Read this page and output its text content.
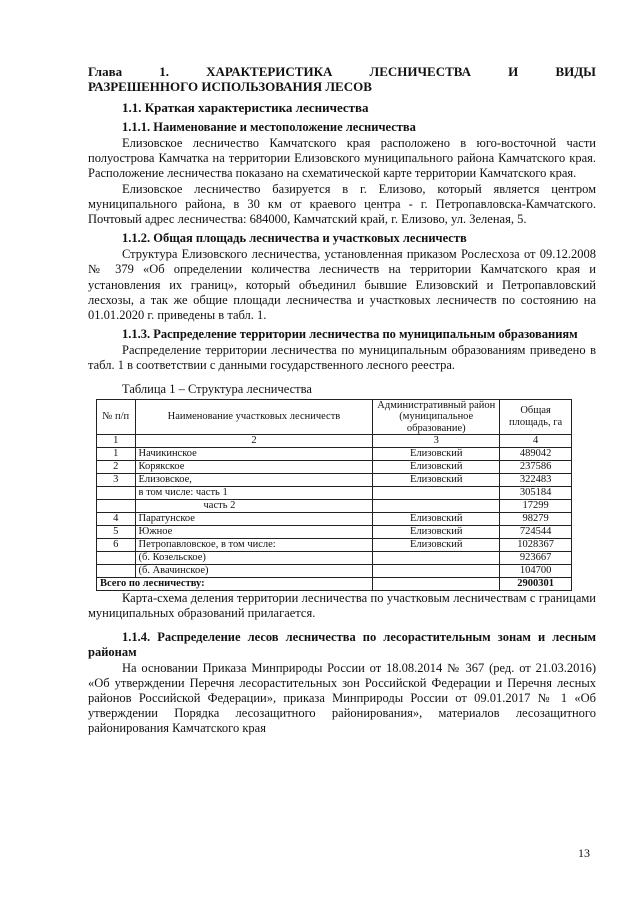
Глава	1.	ХАРАКТЕРИСТИКА	ЛЕСНИЧЕСТВА	И	ВИДЫ
РАЗРЕШЕННОГО ИСПОЛЬЗОВАНИЯ ЛЕСОВ
1.1. Краткая характеристика лесничества
1.1.1. Наименование и местоположение лесничества

Елизовское лесничество Камчатского края расположено в юго-восточной части полуострова Камчатка на территории Елизовского муниципального района Камчатского края. Расположение лесничества показано на схематической карте территории Камчатского края.

Елизовское лесничество базируется в г. Елизово, который является центром муниципального района, в 30 км от краевого центра - г. Петропавловска-Камчатского. Почтовый адрес лесничества: 684000, Камчатский край, г. Елизово, ул. Зеленая, 5.

1.1.2. Общая площадь лесничества и участковых лесничеств

Структура Елизовского лесничества, установленная приказом Рослесхоза от 09.12.2008 № 379 «Об определении количества лесничеств на территории Камчатского края и установления их границ», который объединил бывшие Елизовский и Петропавловский лесхозы, а так же общие площади лесничества и участковых лесничеств по состоянию на 01.01.2020 г. приведены в табл. 1.

1.1.3. Распределение территории лесничества по муниципальным образованиям

Распределение территории лесничества по муниципальным образованиям приведено в табл. 1 в соответствии с данными государственного лесного реестра.

Таблица 1 – Структура лесничества
№ п/п	Наименование участковых лесничеств	Административный район (муниципальное образование)	Общая площадь, га
1	2	3	4
1	Начикинское	Елизовский	489042
2	Корякское	Елизовский	237586
3	Елизовское,	Елизовский	322483
	в том числе: часть 1		305184
	часть 2		17299
4	Паратунское	Елизовский	98279
5	Южное	Елизовский	724544
6	Петропавловское, в том числе:	Елизовский	1028367
	(б. Козельское)		923667
	(б. Авачинское)		104700
Всего по лесничеству:			2900301

Карта-схема деления территории лесничества по участковым лесничествам с границами муниципальных образований прилагается.

1.1.4. Распределение лесов лесничества по лесорастительным зонам и лесным районам

На основании Приказа Минприроды России от 18.08.2014 № 367 (ред. от 21.03.2016) «Об утверждении Перечня лесорастительных зон Российской Федерации и Перечня лесных районов Российской Федерации», приказа Минприроды России от 09.01.2017 № 1 «Об утверждении Порядка лесозащитного районирования», материалов лесозащитного районирования Камчатского края

13
